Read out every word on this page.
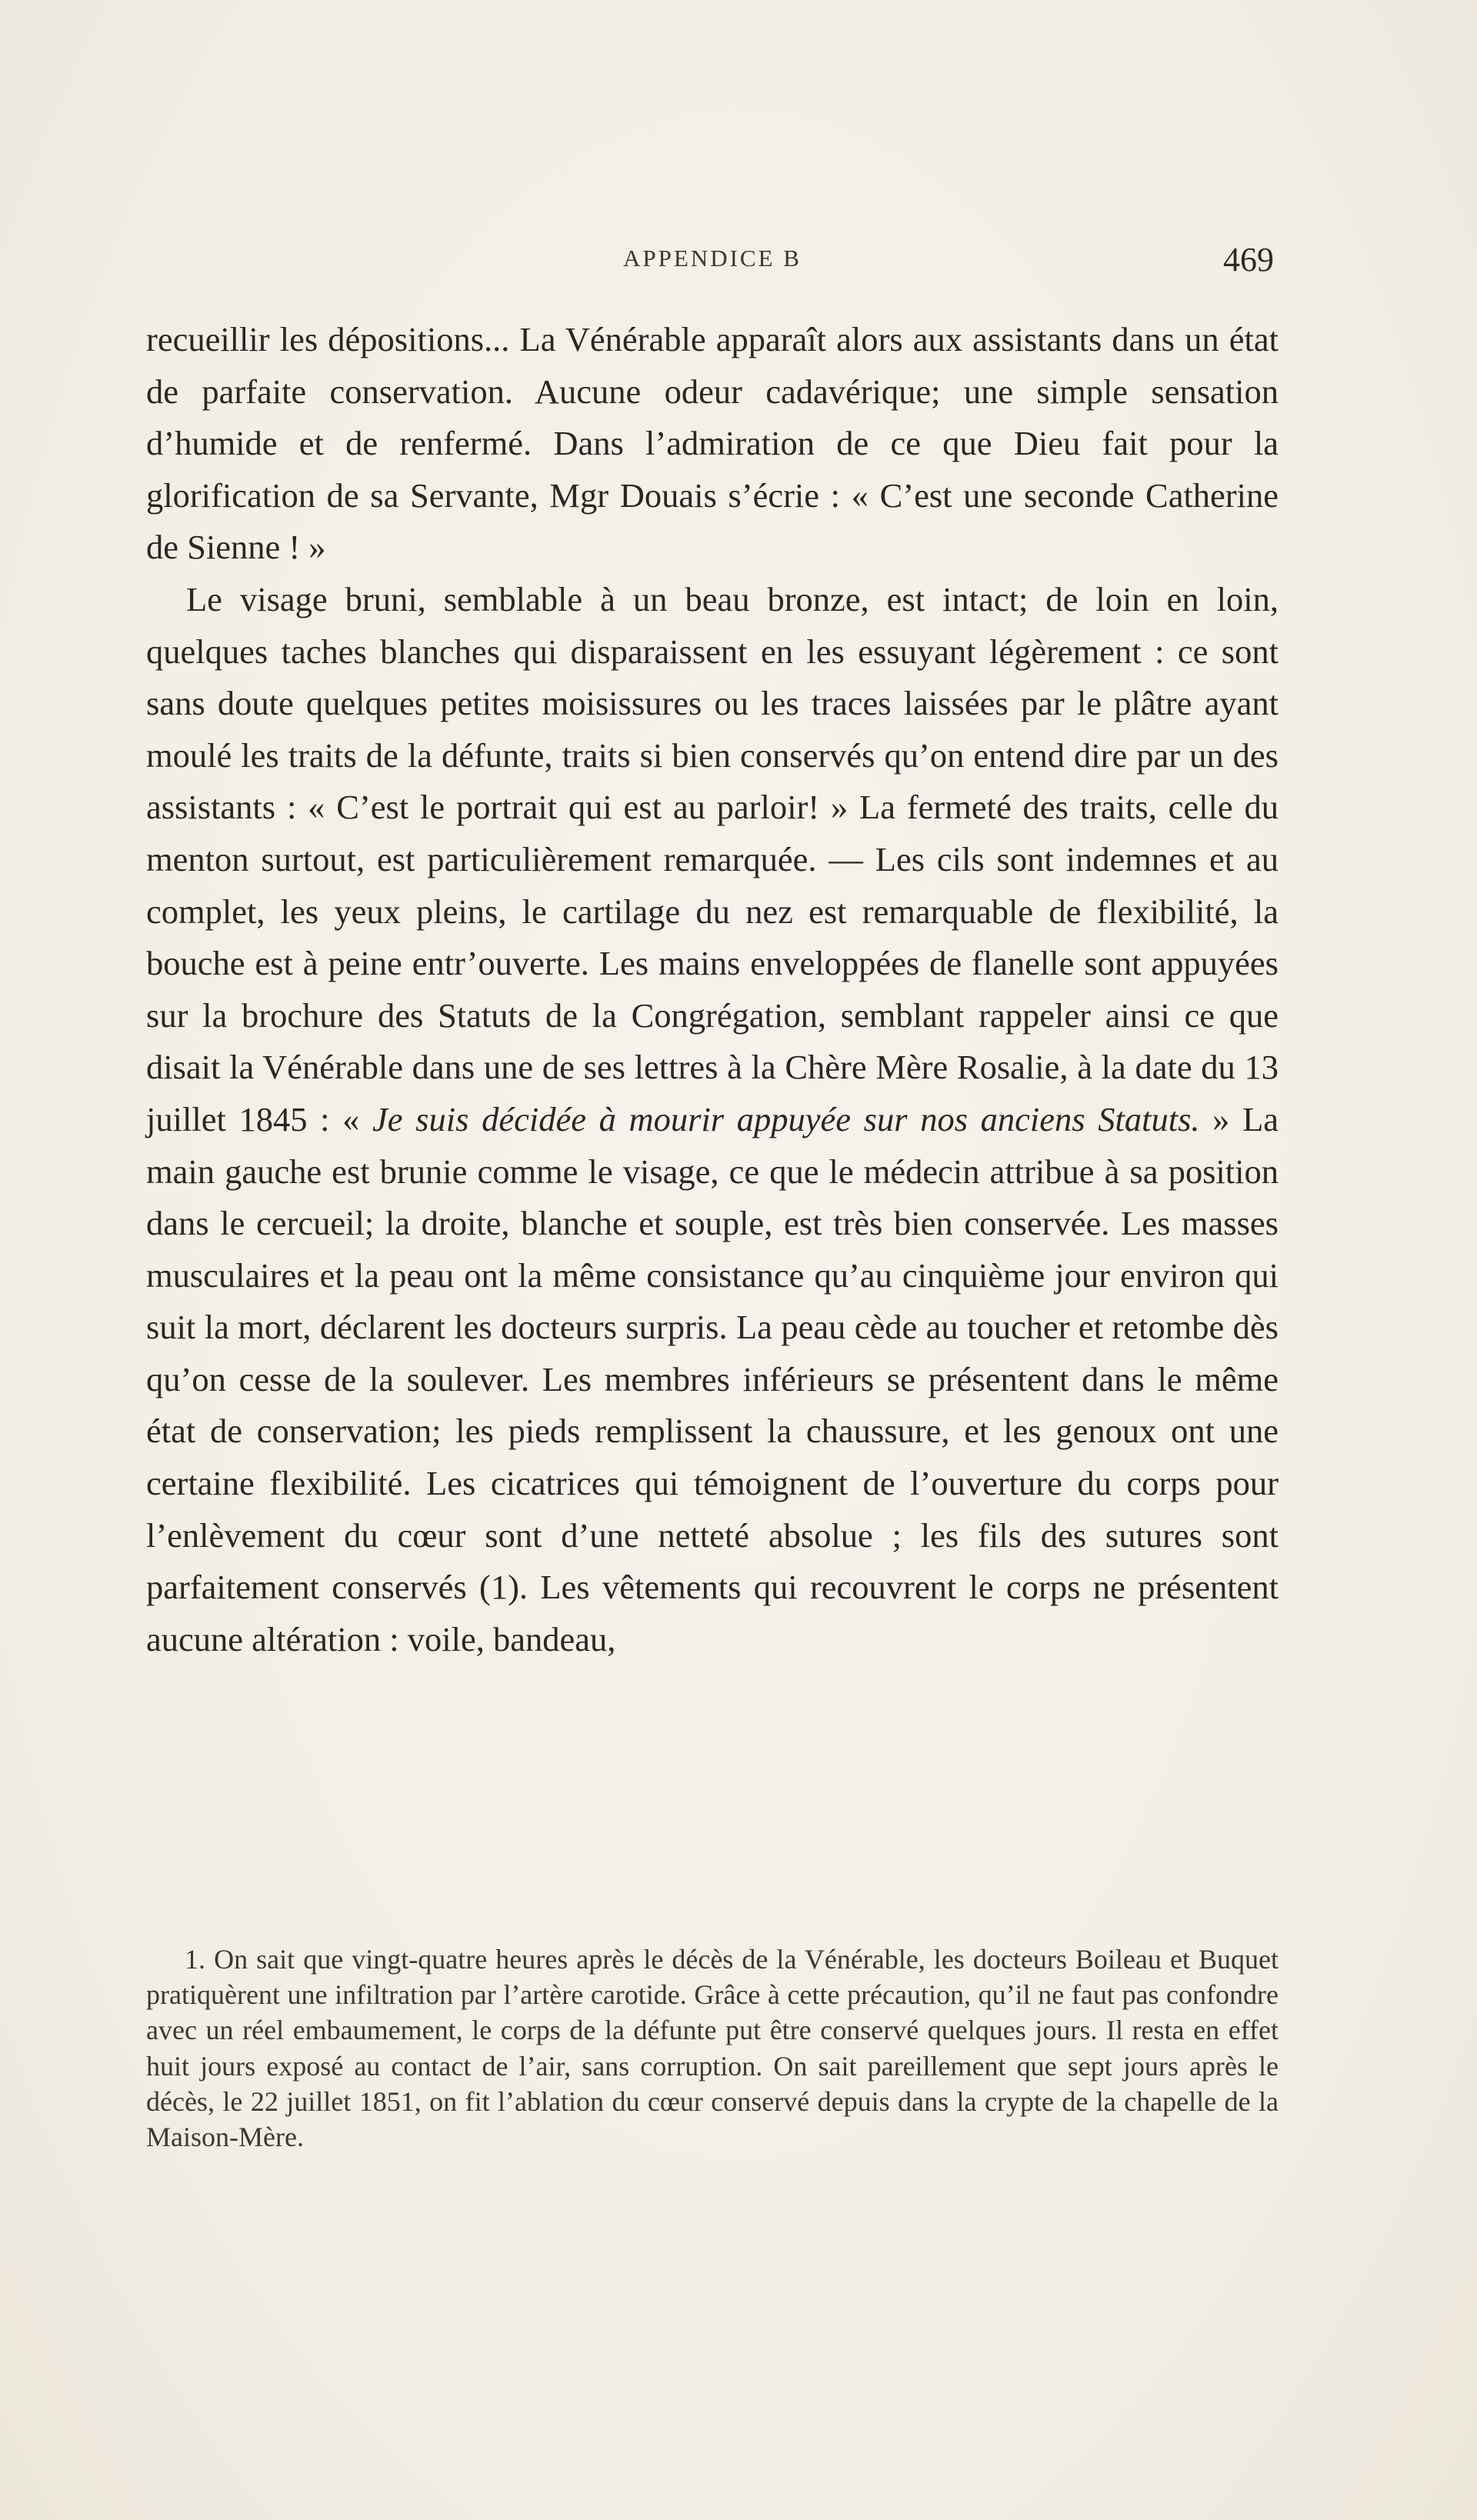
APPENDICE B	469

recueillir les dépositions... La Vénérable apparaît alors aux assistants dans un état de parfaite conservation. Aucune odeur cadavérique; une simple sensation d’humide et de renfermé. Dans l’admiration de ce que Dieu fait pour la glorification de sa Servante, Mgr Douais s’écrie : « C’est une seconde Catherine de Sienne ! »

Le visage bruni, semblable à un beau bronze, est intact; de loin en loin, quelques taches blanches qui disparaissent en les essuyant légèrement : ce sont sans doute quelques petites moisissures ou les traces laissées par le plâtre ayant moulé les traits de la défunte, traits si bien conservés qu’on entend dire par un des assistants : « C’est le portrait qui est au parloir! » La fermeté des traits, celle du menton surtout, est particulièrement remarquée. — Les cils sont indemnes et au complet, les yeux pleins, le cartilage du nez est remarquable de flexibilité, la bouche est à peine entr’ouverte. Les mains enveloppées de flanelle sont appuyées sur la brochure des Statuts de la Congrégation, semblant rappeler ainsi ce que disait la Vénérable dans une de ses lettres à la Chère Mère Rosalie, à la date du 13 juillet 1845 : « Je suis décidée à mourir appuyée sur nos anciens Statuts. » La main gauche est brunie comme le visage, ce que le médecin attribue à sa position dans le cercueil; la droite, blanche et souple, est très bien conservée. Les masses musculaires et la peau ont la même consistance qu’au cinquième jour environ qui suit la mort, déclarent les docteurs surpris. La peau cède au toucher et retombe dès qu’on cesse de la soulever. Les membres inférieurs se présentent dans le même état de conservation; les pieds remplissent la chaussure, et les genoux ont une certaine flexibilité. Les cicatrices qui témoignent de l’ouverture du corps pour l’enlèvement du cœur sont d’une netteté absolue ; les fils des sutures sont parfaitement conservés (1). Les vêtements qui recouvrent le corps ne présentent aucune altération : voile, bandeau,

1. On sait que vingt-quatre heures après le décès de la Vénérable, les docteurs Boileau et Buquet pratiquèrent une infiltration par l’artère carotide. Grâce à cette précaution, qu’il ne faut pas confondre avec un réel embaumement, le corps de la défunte put être conservé quelques jours. Il resta en effet huit jours exposé au contact de l’air, sans corruption. On sait pareillement que sept jours après le décès, le 22 juillet 1851, on fit l’ablation du cœur conservé depuis dans la crypte de la chapelle de la Maison-Mère.
